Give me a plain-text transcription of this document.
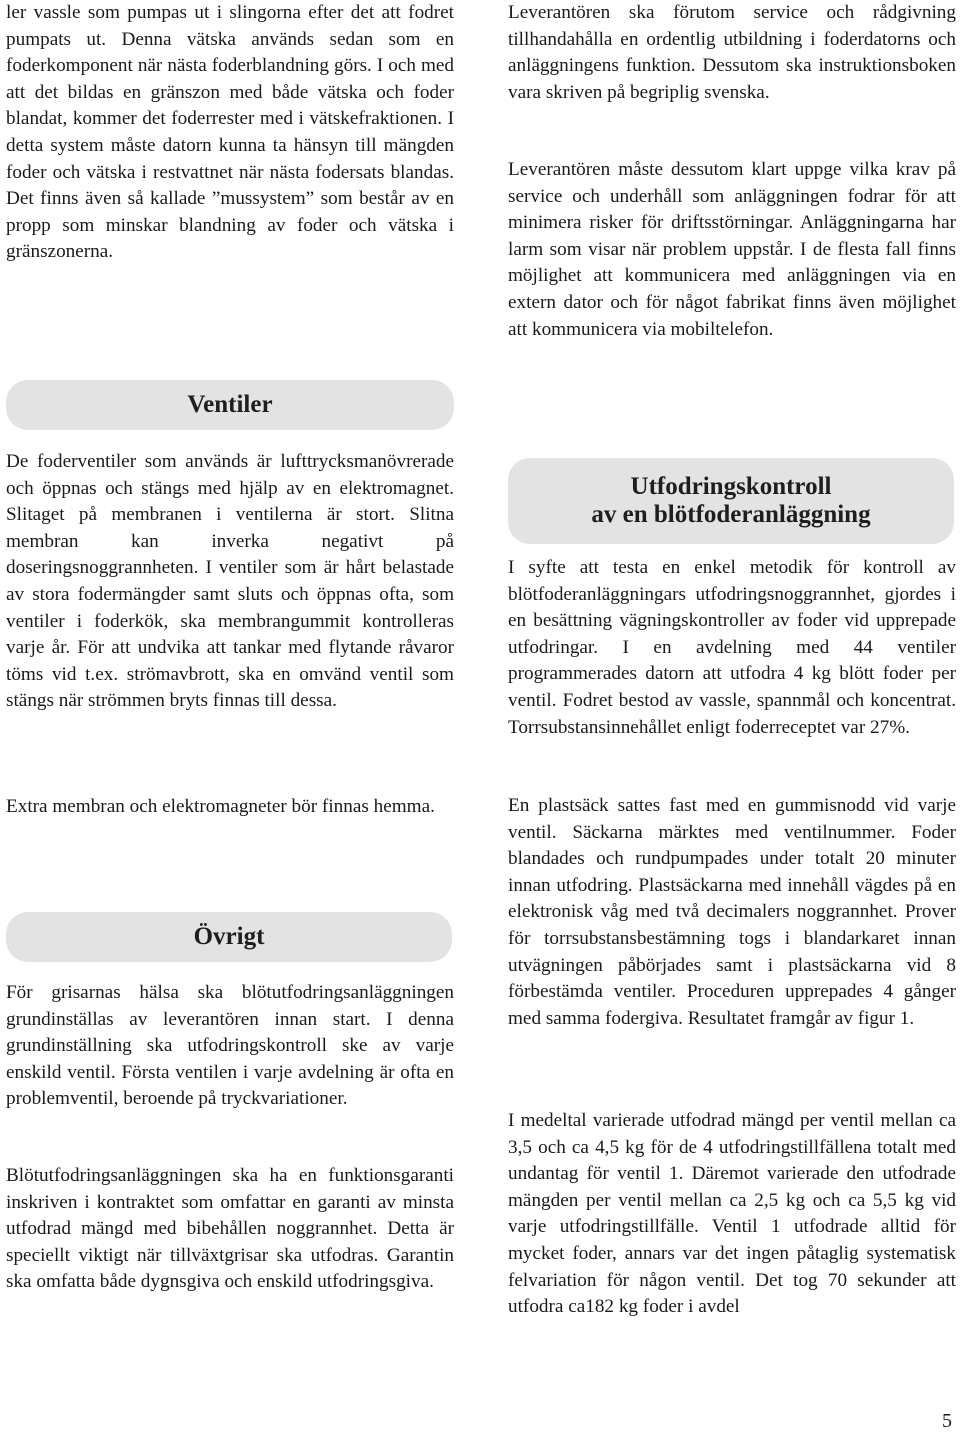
ler vassle som pumpas ut i slingorna efter det att fodret pumpats ut. Denna vätska används sedan som en foderkomponent när nästa foderblandning görs. I och med att det bildas en gränszon med både vätska och foder blandat, kommer det foderrester med i vätskefraktionen. I detta system måste datorn kunna ta hänsyn till mängden foder och vätska i restvattnet när nästa fodersats blandas. Det finns även så kallade ”mussystem” som består av en propp som minskar blandning av foder och vätska i gränszonerna.

Ventiler

De foderventiler som används är lufttrycksmanövrerade och öppnas och stängs med hjälp av en elektromagnet. Slitaget på membranen i ventilerna är stort. Slitna membran kan inverka negativt på doseringsnoggrannheten. I ventiler som är hårt belastade av stora fodermängder samt sluts och öppnas ofta, som ventiler i foderkök, ska membrangummit kontrolleras varje år. För att undvika att tankar med flytande råvaror töms vid t.ex. strömavbrott, ska en omvänd ventil som stängs när strömmen bryts finnas till dessa.

Extra membran och elektromagneter bör finnas hemma.

Övrigt

För grisarnas hälsa ska blötutfodringsanläggningen grundinställas av leverantören innan start. I denna grundinställning ska utfodringskontroll ske av varje enskild ventil. Första ventilen i varje avdelning är ofta en problemventil, beroende på tryckvariationer.

Blötutfodringsanläggningen ska ha en funktionsgaranti inskriven i kontraktet som omfattar en garanti av minsta utfodrad mängd med bibehållen noggrannhet. Detta är speciellt viktigt när tillväxtgrisar ska utfodras. Garantin ska omfatta både dygnsgiva och enskild utfodringsgiva.

Leverantören ska förutom service och rådgivning tillhandahålla en ordentlig utbildning i foderdatorns och anläggningens funktion. Dessutom ska instruktionsboken vara skriven på begriplig svenska.

Leverantören måste dessutom klart uppge vilka krav på service och underhåll som anläggningen fodrar för att minimera risker för driftsstörningar. Anläggningarna har larm som visar när problem uppstår. I de flesta fall finns möjlighet att kommunicera med anläggningen via en extern dator och för något fabrikat finns även möjlighet att kommunicera via mobiltelefon.

Utfodringskontroll
av en blötfoderanläggning

I syfte att testa en enkel metodik för kontroll av blötfoderanläggningars utfodringsnoggrannhet, gjordes i en besättning vägningskontroller av foder vid upprepade utfodringar. I en avdelning med 44 ventiler programmerades datorn att utfodra 4 kg blött foder per ventil. Fodret bestod av vassle, spannmål och koncentrat. Torrsubstansinnehållet enligt foderreceptet var 27%.

En plastsäck sattes fast med en gummisnodd vid varje ventil. Säckarna märktes med ventilnummer. Foder blandades och rundpumpades under totalt 20 minuter innan utfodring. Plastsäckarna med innehåll vägdes på en elektronisk våg med två decimalers noggrannhet. Prover för torrsubstansbestämning togs i blandarkaret innan utvägningen påbörjades samt i plastsäckarna vid 8 förbestämda ventiler. Proceduren upprepades 4 gånger med samma fodergiva. Resultatet framgår av figur 1.

I medeltal varierade utfodrad mängd per ventil mellan ca 3,5 och ca 4,5 kg för de 4 utfodringstillfällena totalt med undantag för ventil 1. Däremot varierade den utfodrade mängden per ventil mellan ca 2,5 kg och ca 5,5 kg vid varje utfodringstillfälle. Ventil 1 utfodrade alltid för mycket foder, annars var det ingen påtaglig systematisk felvariation för någon ventil. Det tog 70 sekunder att utfodra ca182 kg foder i avdel

5
